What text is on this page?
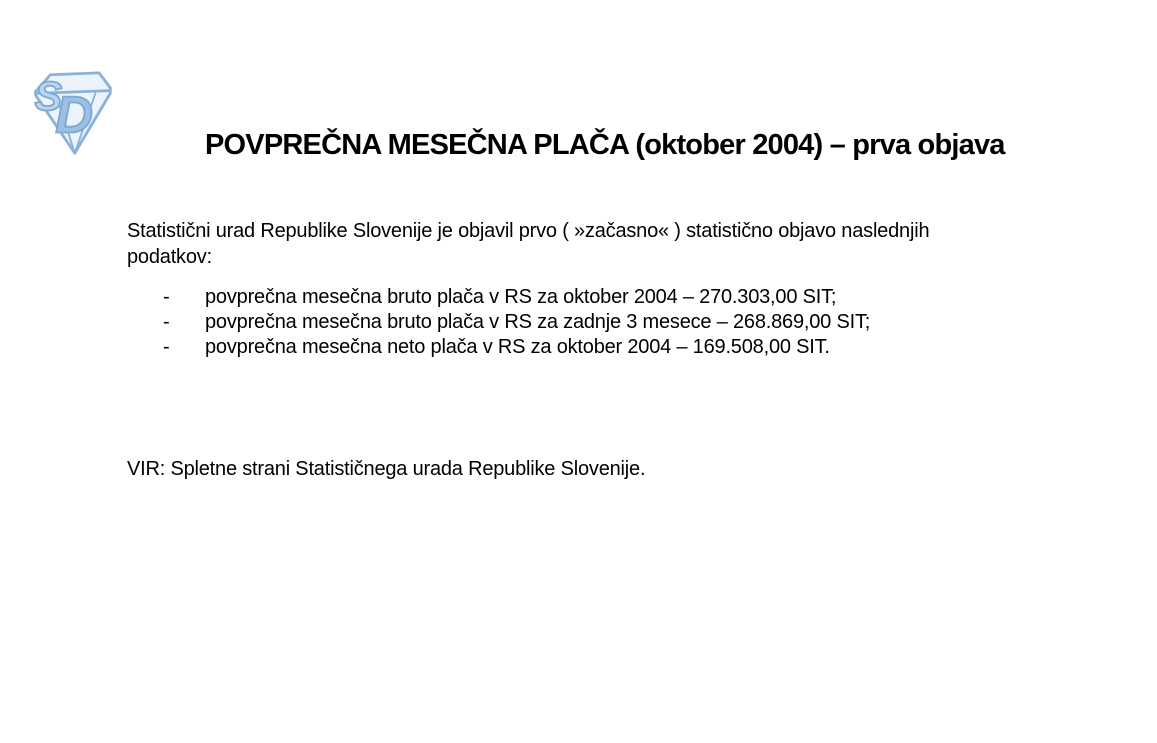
S
D
POVPREČNA MESEČNA PLAČA (oktober 2004) – prva objava

Statistični urad Republike Slovenije je objavil prvo ( »začasno« ) statistično objavo naslednjih podatkov:

-	povprečna mesečna bruto plača v RS za oktober 2004 – 270.303,00 SIT;
-	povprečna mesečna bruto plača v RS za zadnje 3 mesece – 268.869,00 SIT;
-	povprečna mesečna neto plača v RS za oktober 2004 – 169.508,00 SIT.

VIR: Spletne strani Statističnega urada Republike Slovenije.
